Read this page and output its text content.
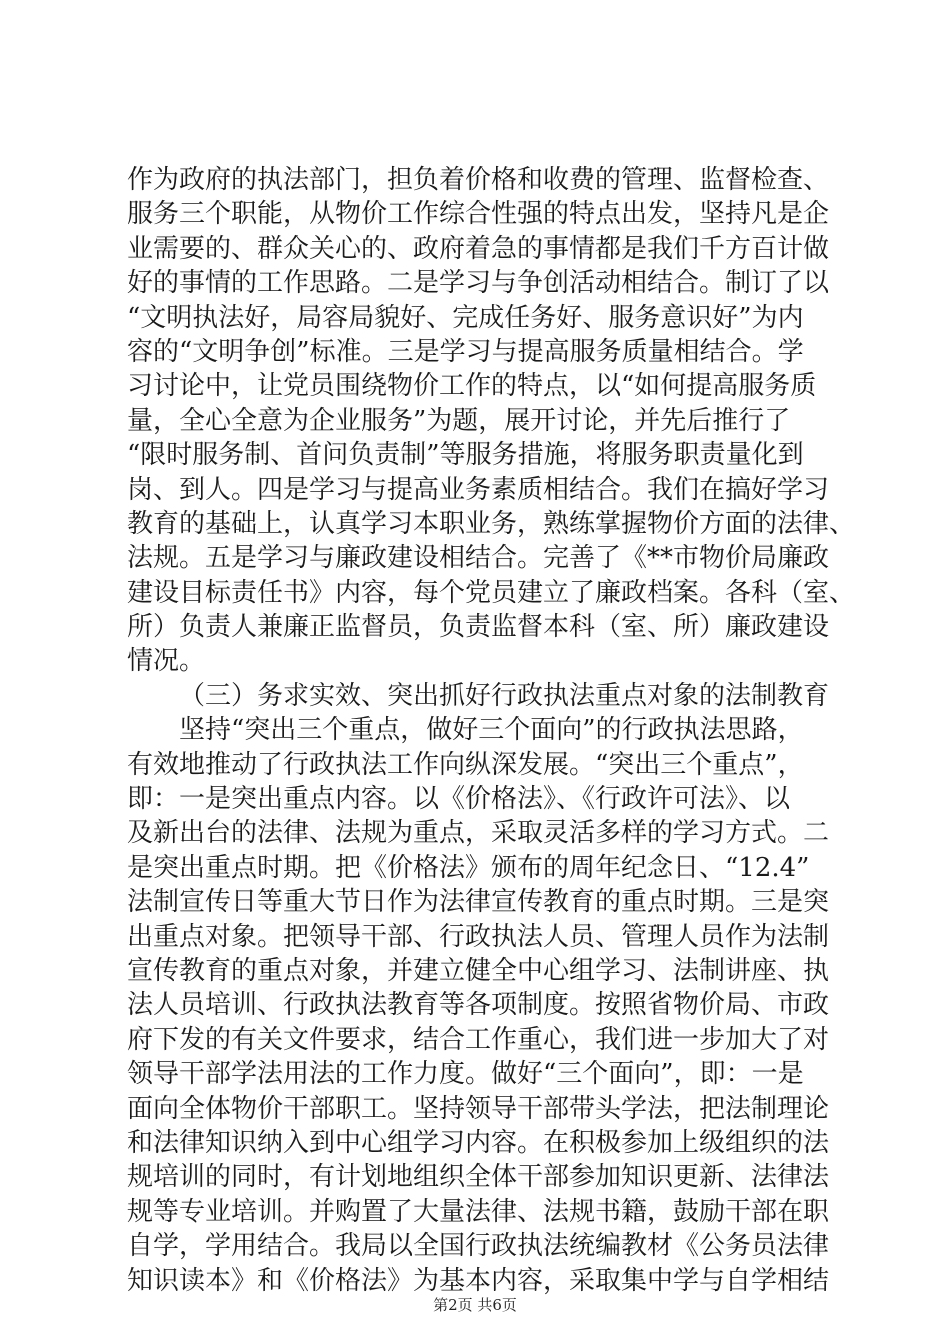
作为政府的执法部门，担负着价格和收费的管理、监督检查、
服务三个职能，从物价工作综合性强的特点出发，坚持凡是企
业需要的、群众关心的、政府着急的事情都是我们千方百计做
好的事情的工作思路。二是学习与争创活动相结合。制订了以
“文明执法好，局容局貌好、完成任务好、服务意识好”为内
容的“文明争创”标准。三是学习与提高服务质量相结合。学
习讨论中，让党员围绕物价工作的特点，以“如何提高服务质
量，全心全意为企业服务”为题，展开讨论，并先后推行了
“限时服务制、首问负责制”等服务措施，将服务职责量化到
岗、到人。四是学习与提高业务素质相结合。我们在搞好学习
教育的基础上，认真学习本职业务，熟练掌握物价方面的法律、
法规。五是学习与廉政建设相结合。完善了《**市物价局廉政
建设目标责任书》内容，每个党员建立了廉政档案。各科（室、
所）负责人兼廉正监督员，负责监督本科（室、所）廉政建设
情况。
（三）务求实效、突出抓好行政执法重点对象的法制教育
坚持“突出三个重点，做好三个面向”的行政执法思路，
有效地推动了行政执法工作向纵深发展。“突出三个重点”，
即：一是突出重点内容。以《价格法》、《行政许可法》、以
及新出台的法律、法规为重点，采取灵活多样的学习方式。二
是突出重点时期。把《价格法》颁布的周年纪念日、“12.4”
法制宣传日等重大节日作为法律宣传教育的重点时期。三是突
出重点对象。把领导干部、行政执法人员、管理人员作为法制
宣传教育的重点对象，并建立健全中心组学习、法制讲座、执
法人员培训、行政执法教育等各项制度。按照省物价局、市政
府下发的有关文件要求，结合工作重心，我们进一步加大了对
领导干部学法用法的工作力度。做好“三个面向”，即：一是
面向全体物价干部职工。坚持领导干部带头学法，把法制理论
和法律知识纳入到中心组学习内容。在积极参加上级组织的法
规培训的同时，有计划地组织全体干部参加知识更新、法律法
规等专业培训。并购置了大量法律、法规书籍，鼓励干部在职
自学，学用结合。我局以全国行政执法统编教材《公务员法律
知识读本》和《价格法》为基本内容，采取集中学与自学相结
第2页 共6页
